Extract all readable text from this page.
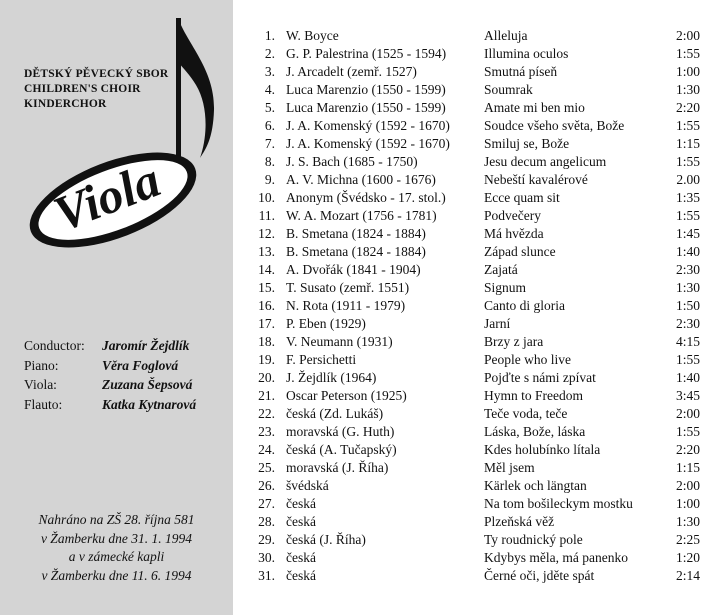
Viola
DĚTSKÝ PĚVECKÝ SBOR
CHILDREN'S CHOIR
KINDERCHOR
Conductor:	Jaromír Žejdlík
Piano:	Věra Foglová
Viola:	Zuzana Šepsová
Flauto:	Katka Kytnarová
Nahráno na ZŠ 28. října 581
v Žamberku dne 31. 1. 1994
a v zámecké kapli
v Žamberku dne 11. 6. 1994
1. W. Boyce	Alleluja	2:00
2. G. P. Palestrina (1525 - 1594)	Illumina oculos	1:55
3. J. Arcadelt (zemř. 1527)	Smutná píseň	1:00
4. Luca Marenzio (1550 - 1599)	Soumrak	1:30
5. Luca Marenzio (1550 - 1599)	Amate mi ben mio	2:20
6. J. A. Komenský (1592 - 1670)	Soudce všeho světa, Bože	1:55
7. J. A. Komenský (1592 - 1670)	Smiluj se, Bože	1:15
8. J. S. Bach (1685 - 1750)	Jesu decum angelicum	1:55
9. A. V. Michna (1600 - 1676)	Nebeští kavalérové	2.00
10. Anonym (Švédsko - 17. stol.)	Ecce quam sit	1:35
11. W. A. Mozart (1756 - 1781)	Podvečery	1:55
12. B. Smetana (1824 - 1884)	Má hvězda	1:45
13. B. Smetana (1824 - 1884)	Západ slunce	1:40
14. A. Dvořák (1841 - 1904)	Zajatá	2:30
15. T. Susato (zemř. 1551)	Signum	1:30
16. N. Rota (1911 - 1979)	Canto di gloria	1:50
17. P. Eben (1929)	Jarní	2:30
18. V. Neumann (1931)	Brzy z jara	4:15
19. F. Persichetti	People who live	1:55
20. J. Žejdlík (1964)	Pojďte s námi zpívat	1:40
21. Oscar Peterson (1925)	Hymn to Freedom	3:45
22. česká (Zd. Lukáš)	Teče voda, teče	2:00
23. moravská (G. Huth)	Láska, Bože, láska	1:55
24. česká (A. Tučapský)	Kdes holubínko lítala	2:20
25. moravská (J. Říha)	Měl jsem	1:15
26. švédská	Kärlek och längtan	2:00
27. česká	Na tom bošileckym mostku	1:00
28. česká	Plzeňská věž	1:30
29. česká (J. Říha)	Ty roudnický pole	2:25
30. česká	Kdybys měla, má panenko	1:20
31. česká	Černé oči, jděte spát	2:14
